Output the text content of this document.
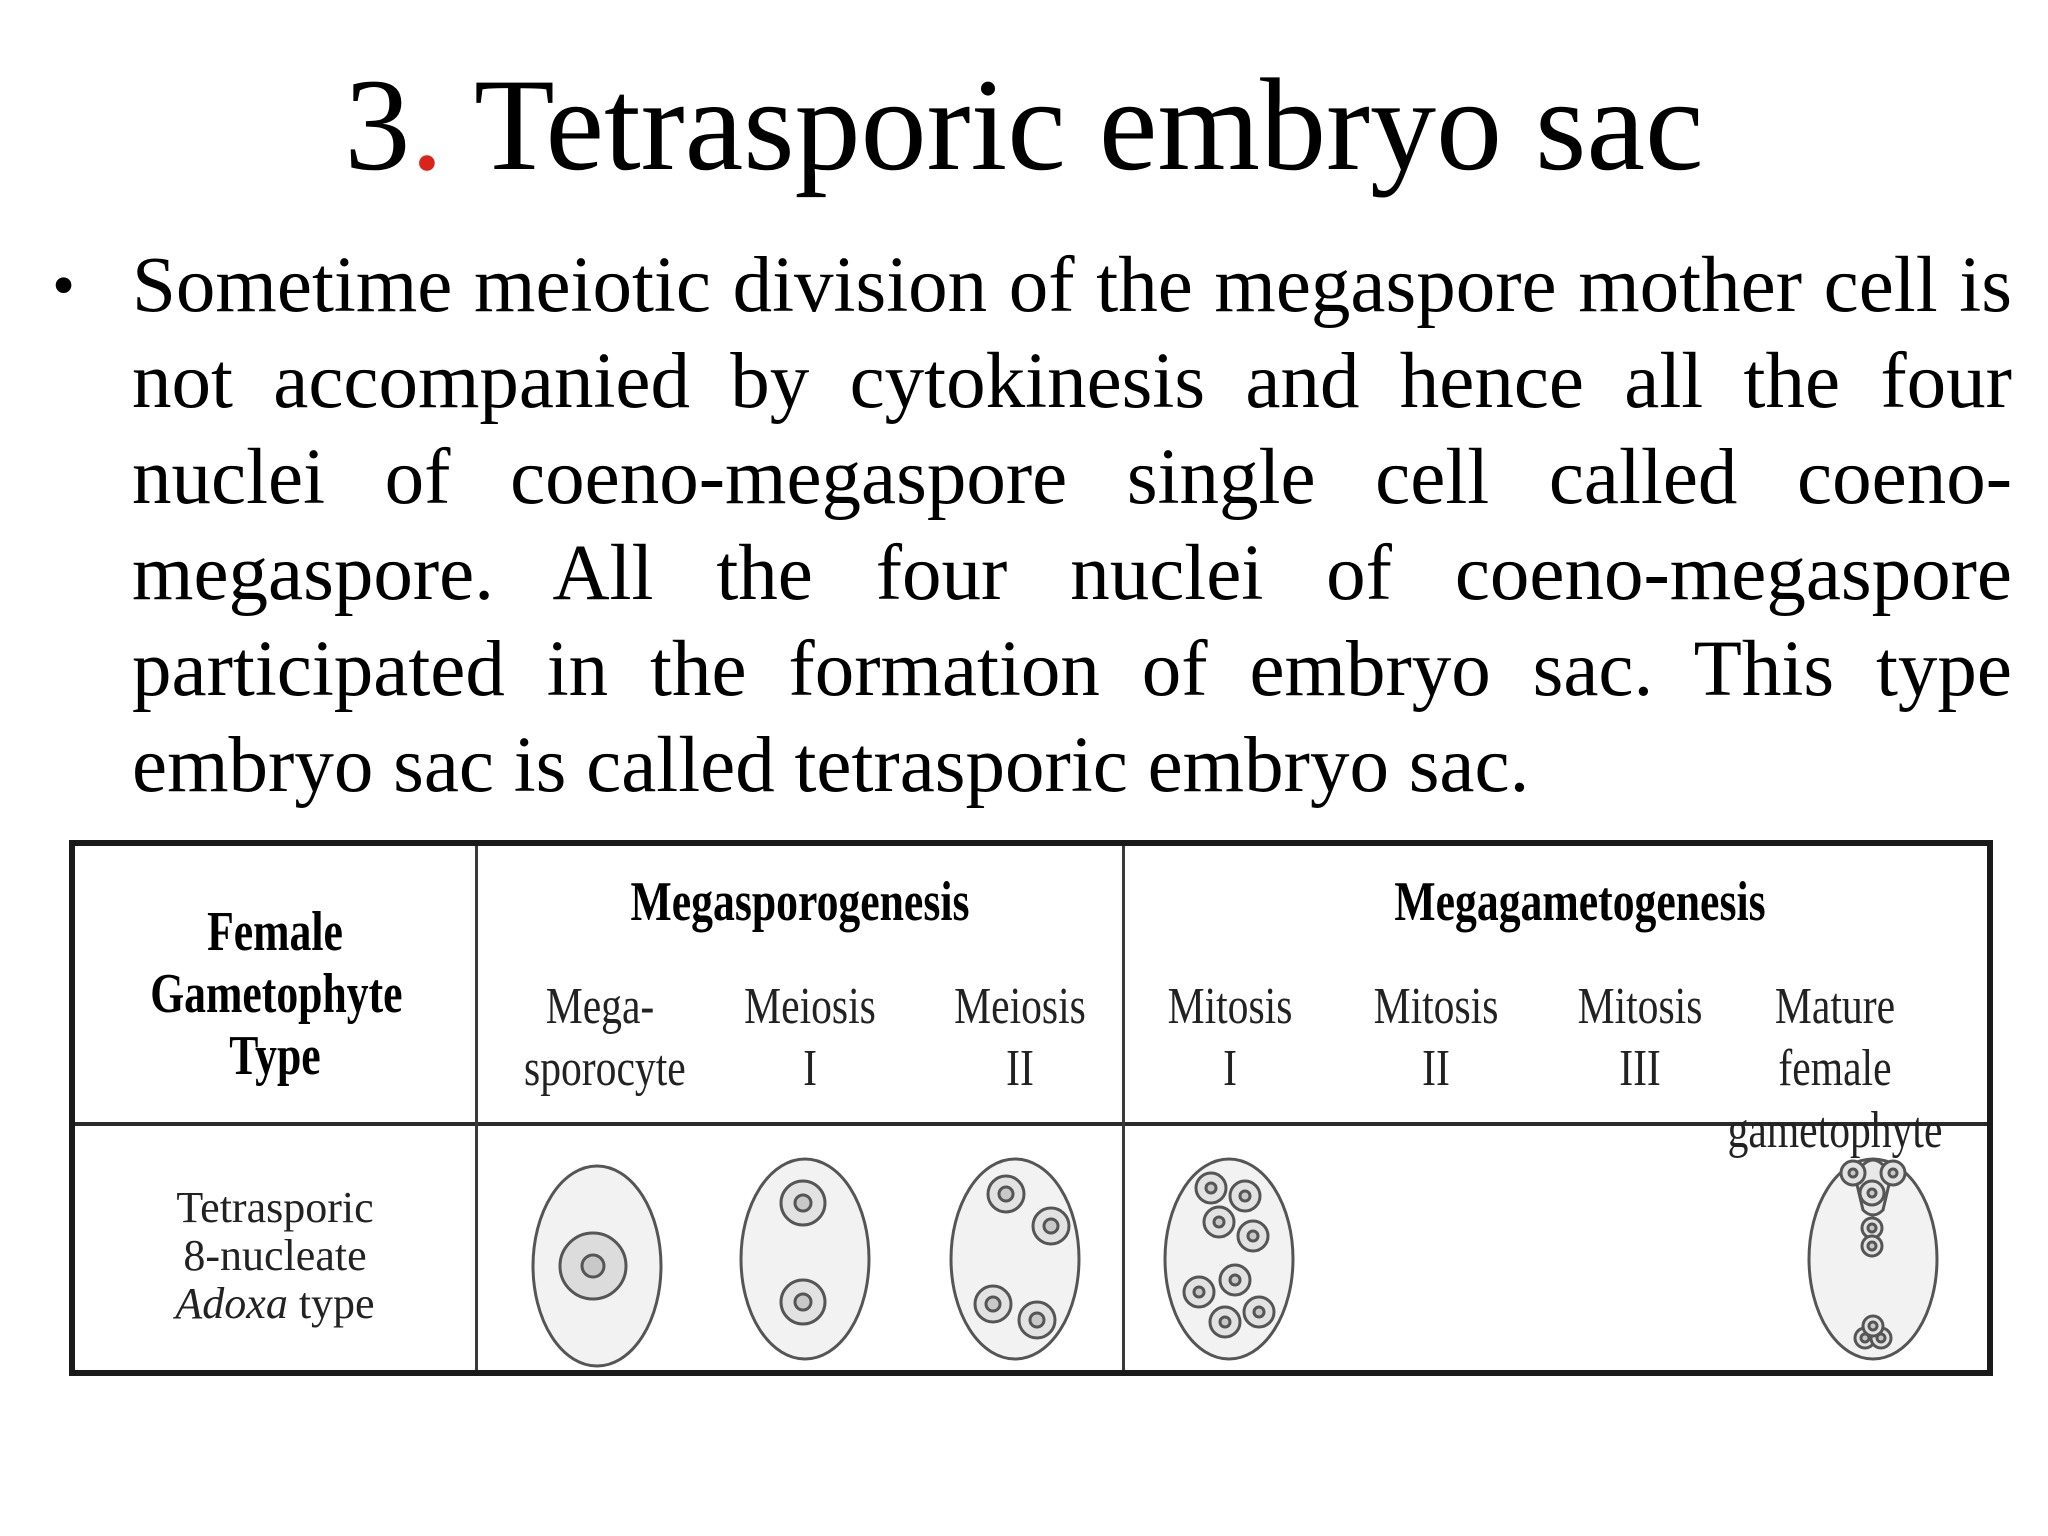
3. Tetrasporic embryo sac
• Sometime meiotic division of the megaspore mother cell is not accompanied by cytokinesis and hence all the four nuclei of coeno-megaspore single cell called coeno-megaspore. All the four nuclei of coeno-megaspore participated in the formation of embryo sac. This type embryo sac is called tetrasporic embryo sac.
Female
Gametophyte
Type
Megasporogenesis	Megagametogenesis
Mega-
sporocyte
Meiosis
I
Meiosis
II
Mitosis
I
Mitosis
II
Mitosis
III
Mature female
gametophyte
Tetrasporic
8-nucleate
Adoxa type
